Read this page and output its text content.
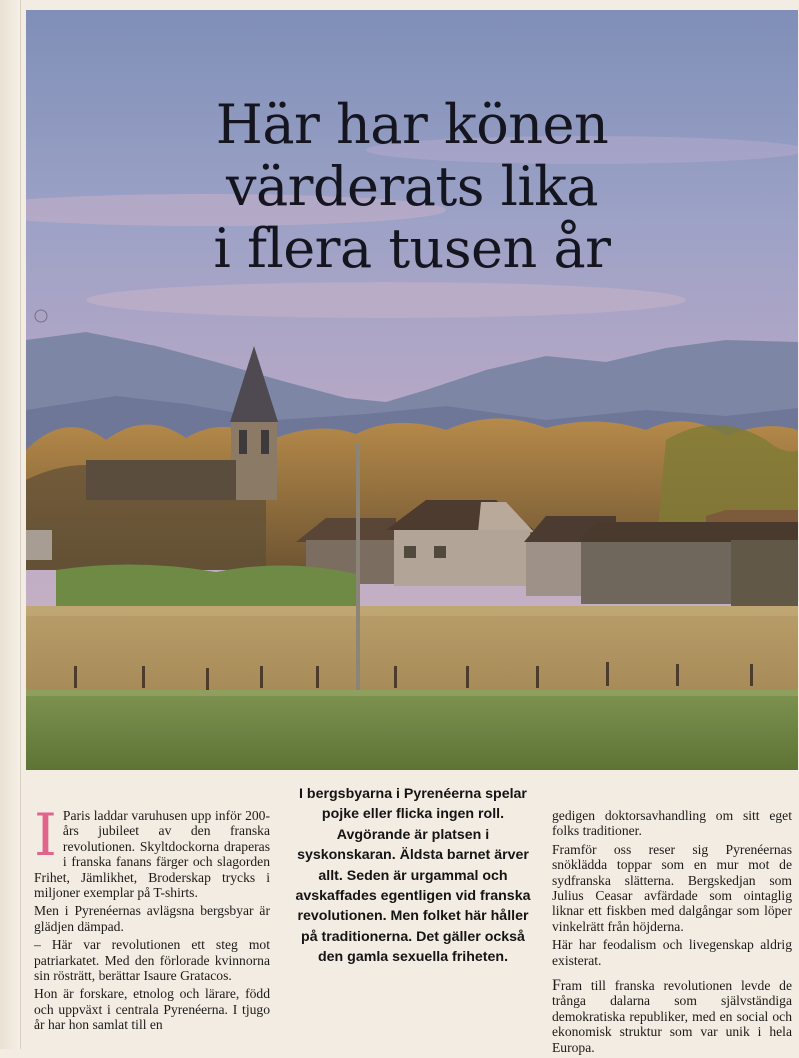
Här har könen
värderats lika
i flera tusen år

I bergsbyarna i Pyrenéerna spelar pojke eller flicka ingen roll. Avgörande är platsen i syskonskaran. Äldsta barnet ärver allt. Seden är urgammal och avskaffades egentligen vid franska revolutionen. Men folket här håller på traditionerna. Det gäller också den gamla sexuella friheten.

I Paris laddar varuhusen upp inför 200-års jubileet av den franska revolutionen. Skyltdockorna draperas i franska fanans färger och slagorden Frihet, Jämlikhet, Broderskap trycks i miljoner exemplar på T-shirts.

Men i Pyrenéernas avlägsna bergsbyar är glädjen dämpad.

– Här var revolutionen ett steg mot patriarkatet. Med den förlorade kvinnorna sin rösträtt, berättar Isaure Gratacos.

Hon är forskare, etnolog och lärare, född och uppväxt i centrala Pyrenéerna. I tjugo år har hon samlat till en

gedigen doktorsavhandling om sitt eget folks traditioner.

Framför oss reser sig Pyrenéernas snöklädda toppar som en mur mot de sydfranska slätterna. Bergskedjan som Julius Ceasar avfärdade som ointaglig liknar ett fiskben med dalgångar som löper vinkelrätt från höjderna.

Här har feodalism och livegenskap aldrig existerat.

Fram till franska revolutionen levde de trånga dalarna som självständiga demokratiska republiker, med en social och ekonomisk struktur som var unik i hela Europa.
